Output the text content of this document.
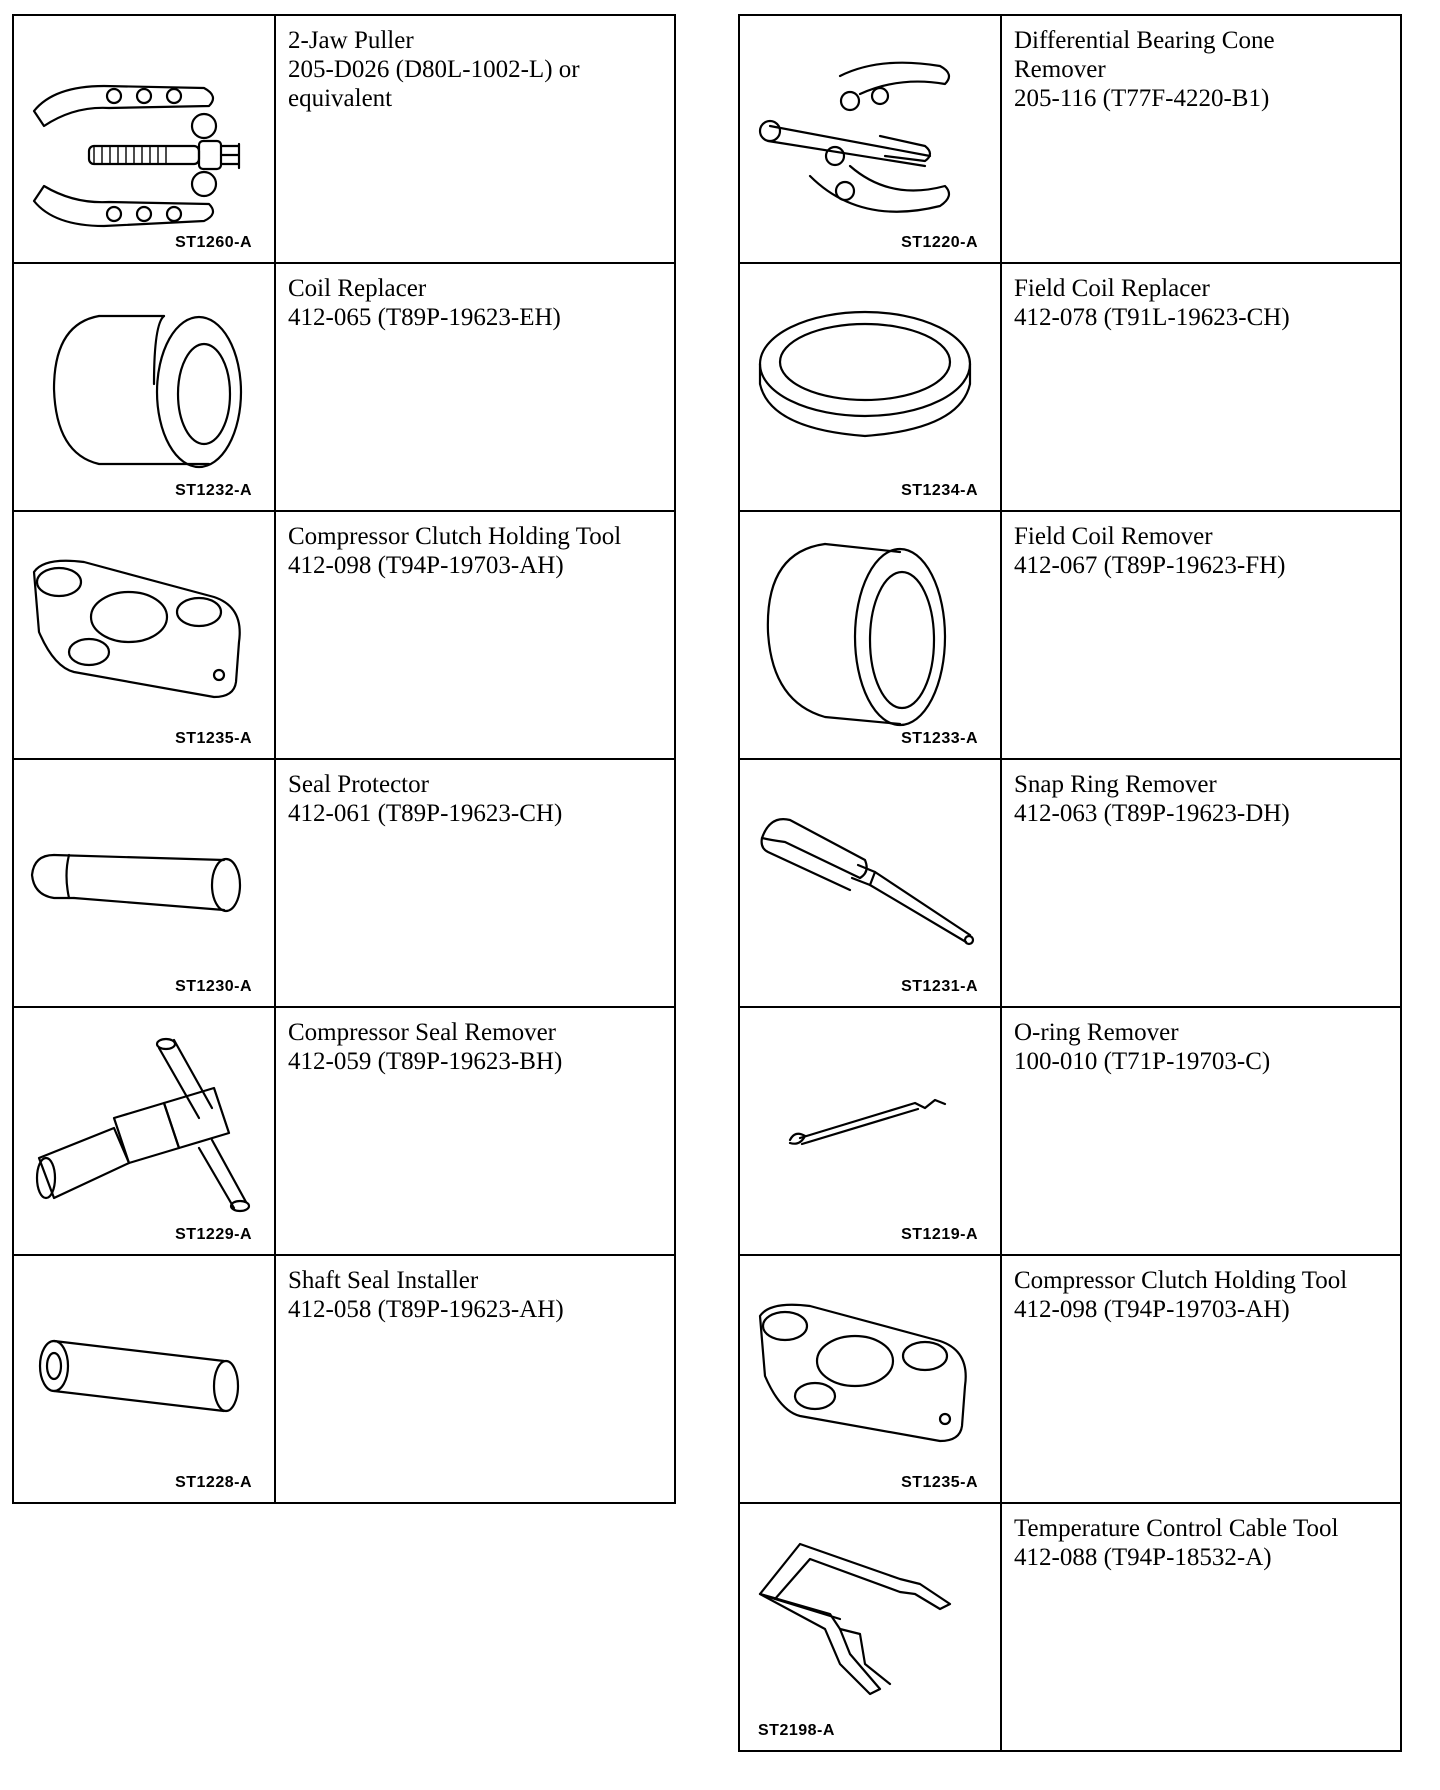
ST1260-A	2-Jaw Puller
205-D026 (D80L-1002-L) or
equivalent

ST1232-A	Coil Replacer
412-065 (T89P-19623-EH)

ST1235-A	Compressor Clutch Holding Tool
412-098 (T94P-19703-AH)

ST1230-A	Seal Protector
412-061 (T89P-19623-CH)

ST1229-A	Compressor Seal Remover
412-059 (T89P-19623-BH)

ST1228-A	Shaft Seal Installer
412-058 (T89P-19623-AH)
ST1220-A	Differential Bearing Cone
Remover
205-116 (T77F-4220-B1)

ST1234-A	Field Coil Replacer
412-078 (T91L-19623-CH)

ST1233-A	Field Coil Remover
412-067 (T89P-19623-FH)

ST1231-A	Snap Ring Remover
412-063 (T89P-19623-DH)

ST1219-A	O-ring Remover
100-010 (T71P-19703-C)

ST1235-A	Compressor Clutch Holding Tool
412-098 (T94P-19703-AH)

ST2198-A	Temperature Control Cable Tool
412-088 (T94P-18532-A)
